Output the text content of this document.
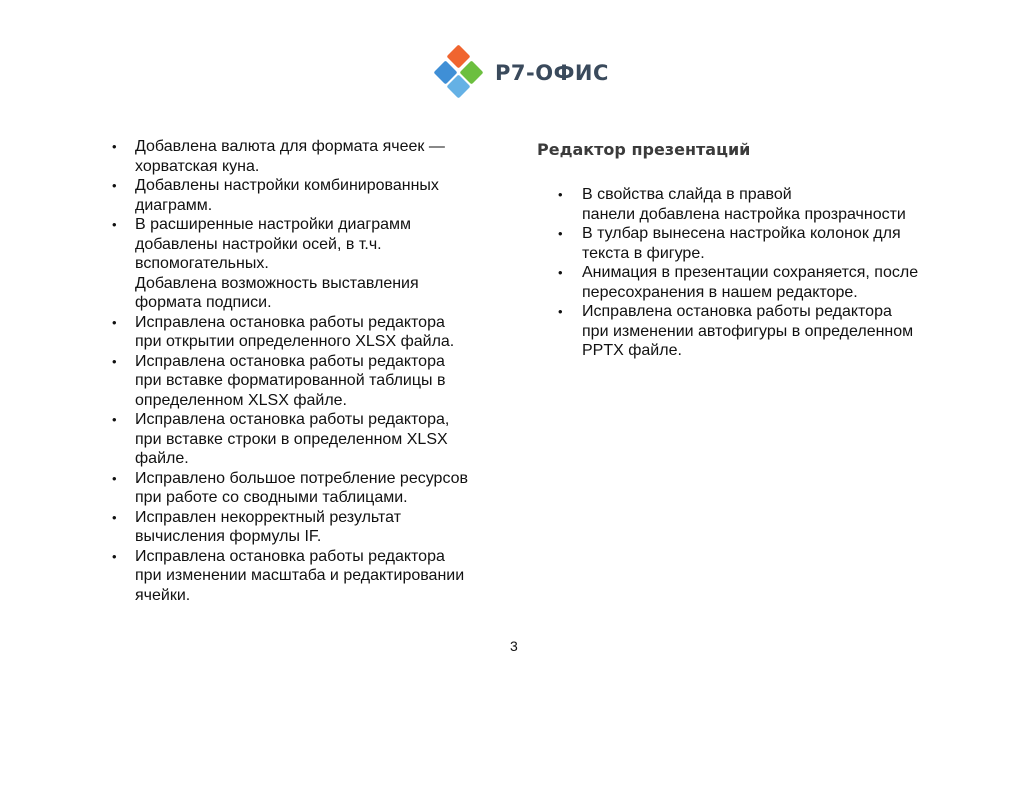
Р7-ОФИС
• Добавлена валюта для формата ячеек —
хорватская куна.
• Добавлены настройки комбинированных
диаграмм.
• В расширенные настройки диаграмм
добавлены настройки осей, в т.ч.
вспомогательных.
Добавлена возможность выставления
формата подписи.
• Исправлена остановка работы редактора
при открытии определенного XLSX файла.
• Исправлена остановка работы редактора
при вставке форматированной таблицы в
определенном XLSX файле.
• Исправлена остановка работы редактора,
при вставке строки в определенном XLSX
файле.
• Исправлено большое потребление ресурсов
при работе со сводными таблицами.
• Исправлен некорректный результат
вычисления формулы IF.
• Исправлена остановка работы редактора
при изменении масштаба и редактировании
ячейки.
Редактор презентаций
• В свойства слайда в правой
панели добавлена настройка прозрачности
• В тулбар вынесена настройка колонок для
текста в фигуре.
• Анимация в презентации сохраняется, после
пересохранения в нашем редакторе.
• Исправлена остановка работы редактора
при изменении автофигуры в определенном
PPTX файле.
3
